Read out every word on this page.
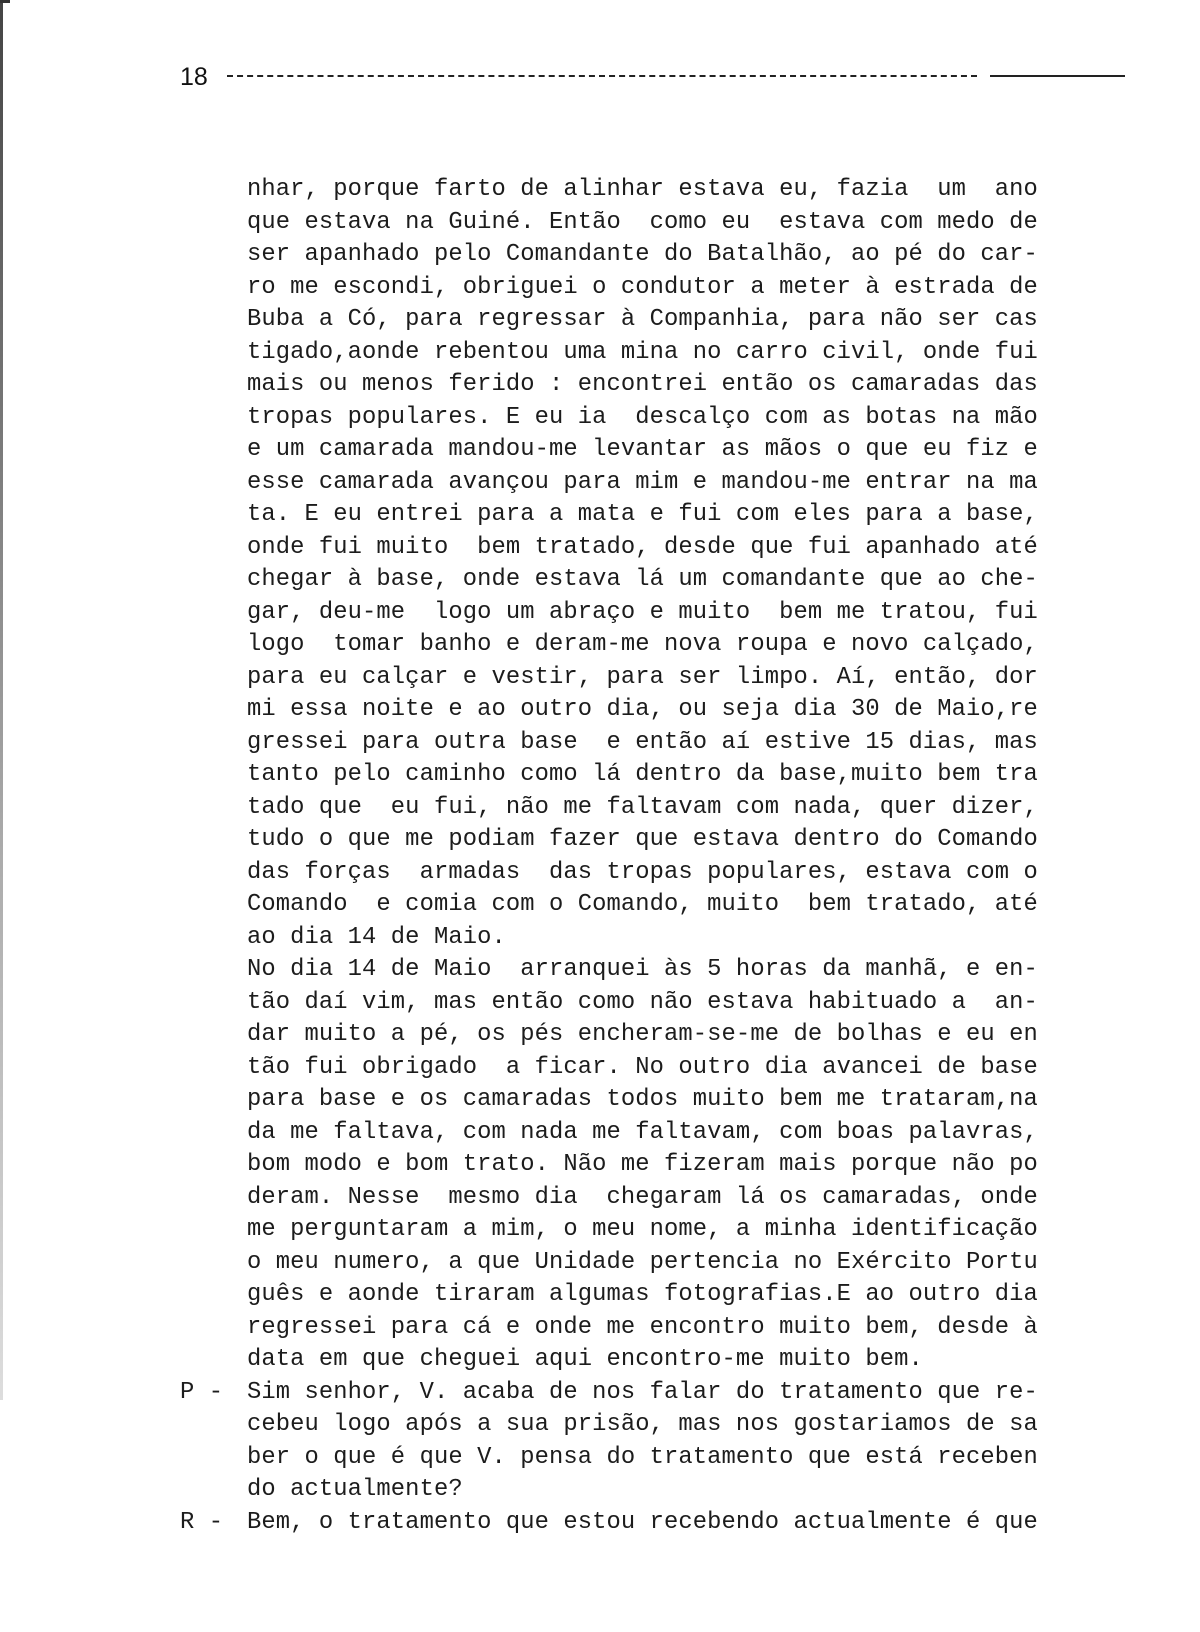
18
nhar, porque farto de alinhar estava eu, fazia  um  ano
que estava na Guiné. Então  como eu  estava com medo de
ser apanhado pelo Comandante do Batalhão, ao pé do car-
ro me escondi, obriguei o condutor a meter à estrada de
Buba a Có, para regressar à Companhia, para não ser cas
tigado,aonde rebentou uma mina no carro civil, onde fui
mais ou menos ferido : encontrei então os camaradas das
tropas populares. E eu ia  descalço com as botas na mão
e um camarada mandou-me levantar as mãos o que eu fiz e
esse camarada avançou para mim e mandou-me entrar na ma
ta. E eu entrei para a mata e fui com eles para a base,
onde fui muito  bem tratado, desde que fui apanhado até
chegar à base, onde estava lá um comandante que ao che-
gar, deu-me  logo um abraço e muito  bem me tratou, fui
logo  tomar banho e deram-me nova roupa e novo calçado,
para eu calçar e vestir, para ser limpo. Aí, então, dor
mi essa noite e ao outro dia, ou seja dia 30 de Maio,re
gressei para outra base  e então aí estive 15 dias, mas
tanto pelo caminho como lá dentro da base,muito bem tra
tado que  eu fui, não me faltavam com nada, quer dizer,
tudo o que me podiam fazer que estava dentro do Comando
das forças  armadas  das tropas populares, estava com o
Comando  e comia com o Comando, muito  bem tratado, até
ao dia 14 de Maio.
No dia 14 de Maio  arranquei às 5 horas da manhã, e en-
tão daí vim, mas então como não estava habituado a  an-
dar muito a pé, os pés encheram-se-me de bolhas e eu en
tão fui obrigado  a ficar. No outro dia avancei de base
para base e os camaradas todos muito bem me trataram,na
da me faltava, com nada me faltavam, com boas palavras,
bom modo e bom trato. Não me fizeram mais porque não po
deram. Nesse  mesmo dia  chegaram lá os camaradas, onde
me perguntaram a mim, o meu nome, a minha identificação
o meu numero, a que Unidade pertencia no Exército Portu
guês e aonde tiraram algumas fotografias.E ao outro dia
regressei para cá e onde me encontro muito bem, desde à
data em que cheguei aqui encontro-me muito bem.
P - Sim senhor, V. acaba de nos falar do tratamento que re-
cebeu logo após a sua prisão, mas nos gostariamos de sa
ber o que é que V. pensa do tratamento que está receben
do actualmente?
R - Bem, o tratamento que estou recebendo actualmente é que
